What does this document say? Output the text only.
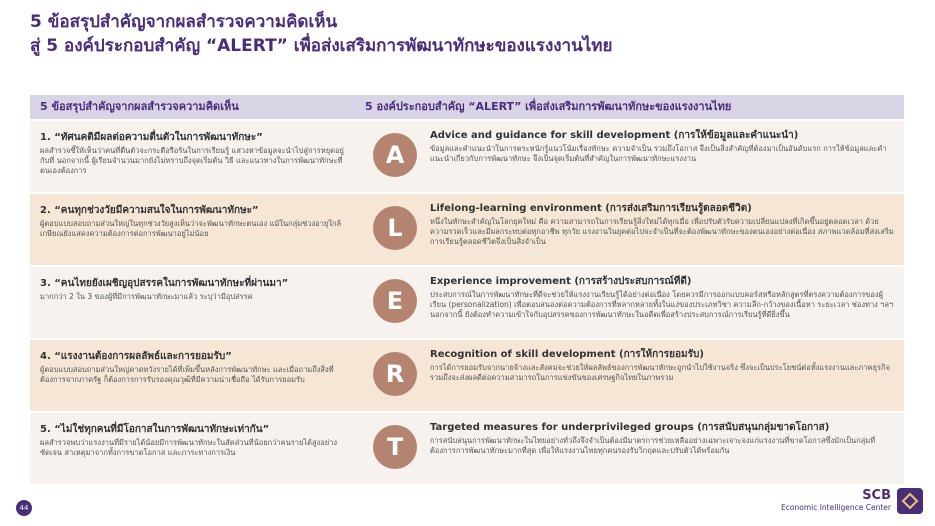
5 ข้อสรุปสำคัญจากผลสำรวจความคิดเห็น
สู่ 5 องค์ประกอบสำคัญ “ALERT” เพื่อส่งเสริมการพัฒนาทักษะของแรงงานไทย
5 ข้อสรุปสำคัญจากผลสำรวจความคิดเห็น	5 องค์ประกอบสำคัญ “ALERT” เพื่อส่งเสริมการพัฒนาทักษะของแรงงานไทย
1. “ทัศนคติมีผลต่อความตื่นตัวในการพัฒนาทักษะ”
ผลสำรวจชี้ให้เห็นว่าคนที่ตื่นตัวจะกระตือรือร้นในการเรียนรู้ แสวงหาข้อมูลจะนำไปสู่การหยุดอยู่กับที่ นอกจากนี้ ผู้เรียนจำนวนมากยังไม่ทราบถึงจุดเริ่มต้น วิธี และแนวทางในการพัฒนาทักษะที่ตนเองต้องการ
A
Advice and guidance for skill development (การให้ข้อมูลและคำแนะนำ)
ข้อมูลและคำแนะนำในการตระหนักรู้แนวโน้มเรื่องทักษะ ความจำเป็น รวมถึงโอกาส จึงเป็นสิ่งสำคัญที่ต้องมาเป็นอันดับแรก การให้ข้อมูลและคำแนะนำเกี่ยวกับการพัฒนาทักษะ จึงเป็นจุดเริ่มต้นที่สำคัญในการพัฒนาทักษะแรงงาน
2. “คนทุกช่วงวัยมีความสนใจในการพัฒนาทักษะ”
ผู้ตอบแบบสอบถามส่วนใหญ่ในทุกช่วงวัยสูงเห็นว่าจะพัฒนาทักษะตนเอง แม้ในกลุ่มช่วงอายุใกล้เกษียณยังแสดงความต้องการต่อการพัฒนาอยู่ไม่น้อย	L
Lifelong-learning environment (การส่งเสริมการเรียนรู้ตลอดชีวิต)
หนึ่งในทักษะสำคัญในโลกยุคใหม่ คือ ความสามารถในการเรียนรู้สิ่งใหม่ได้ทุกเมื่อ เพื่อปรับตัวรับความเปลี่ยนแปลงที่เกิดขึ้นอยู่ตลอดเวลา ด้วยความรวดเร็วและมีผลกระทบต่อทุกอาชีพ ทุกวัย แรงงานในยุคต่อไปจะจำเป็นที่จะต้องพัฒนาทักษะของตนเองอย่างต่อเนื่อง สภาพแวดล้อมที่ส่งเสริมการเรียนรู้ตลอดชีวิตจึงเป็นสิ่งจำเป็น
3. “คนไทยยังเผชิญอุปสรรคในการพัฒนาทักษะที่ผ่านมา”
มากกว่า 2 ใน 3 ของผู้ที่มีการพัฒนาทักษะมาแล้ว ระบุว่ามีอุปสรรค	E
Experience improvement (การสร้างประสบการณ์ที่ดี)
ประสบการณ์ในการพัฒนาทักษะที่ดีจะช่วยให้แรงงานเรียนรู้ได้อย่างต่อเนื่อง โดยควรมีการออกแบบคอร์สหรือหลักสูตรที่ตรงความต้องการของผู้เรียน (personalization) เพื่อตอบสนองต่อความต้องการที่หลากหลายทั้งในแง่ของประเภทวิชา ความลึก-กว้างของเนื้อหา ระยะเวลา ช่องทาง ฯลฯ นอกจากนี้ ยังต้องทำความเข้าใจกับอุปสรรคของการพัฒนาทักษะในอดีตเพื่อสร้างประสบการณ์การเรียนรู้ที่ดียิ่งขึ้น
4. “แรงงานต้องการผลลัพธ์และการยอมรับ”
ผู้ตอบแบบสอบถามส่วนใหญ่คาดหวังรายได้ที่เพิ่มขึ้นหลังการพัฒนาทักษะ และเมื่อถามถึงสิ่งที่ต้องการจากภาครัฐ ก็ต้องการการรับรองคุณวุฒิที่มีความน่าเชื่อถือ ได้รับการยอมรับ	R
Recognition of skill development (การให้การยอมรับ)
การได้การยอมรับจากนายจ้างและสังคมจะช่วยให้ผลลัพธ์ของการพัฒนาทักษะถูกนำไปใช้งานจริง ซึ่งจะเป็นประโยชน์ต่อทั้งแรงงานและภาคธุรกิจ รวมถึงจะส่งผลดีต่อความสามารถในการแข่งขันของเศรษฐกิจไทยในภาพรวม
5. “ไม่ใช่ทุกคนที่มีโอกาสในการพัฒนาทักษะเท่ากัน”
ผลสำรวจพบว่าแรงงานที่มีรายได้น้อยมีการพัฒนาทักษะในสัดส่วนที่น้อยกว่าคนรายได้สูงอย่างชัดเจน สาเหตุมาจากทั้งการขาดโอกาส และภาระทางการเงิน	T
Targeted measures for underprivileged groups (การสนับสนุนกลุ่มขาดโอกาส)
การสนับสนุนการพัฒนาทักษะในไทยอย่างทั่วถึงจึงจำเป็นต้องมีมาตรการช่วยเหลืออย่างเฉพาะเจาะจงแก่แรงงานที่ขาดโอกาสซึ่งมักเป็นกลุ่มที่ต้องการการพัฒนาทักษะมากที่สุด เพื่อให้แรงงานไทยทุกคนรองรับวิกฤตและปรับตัวได้พร้อมกัน
44
SCB
Economic Intelligence Center
